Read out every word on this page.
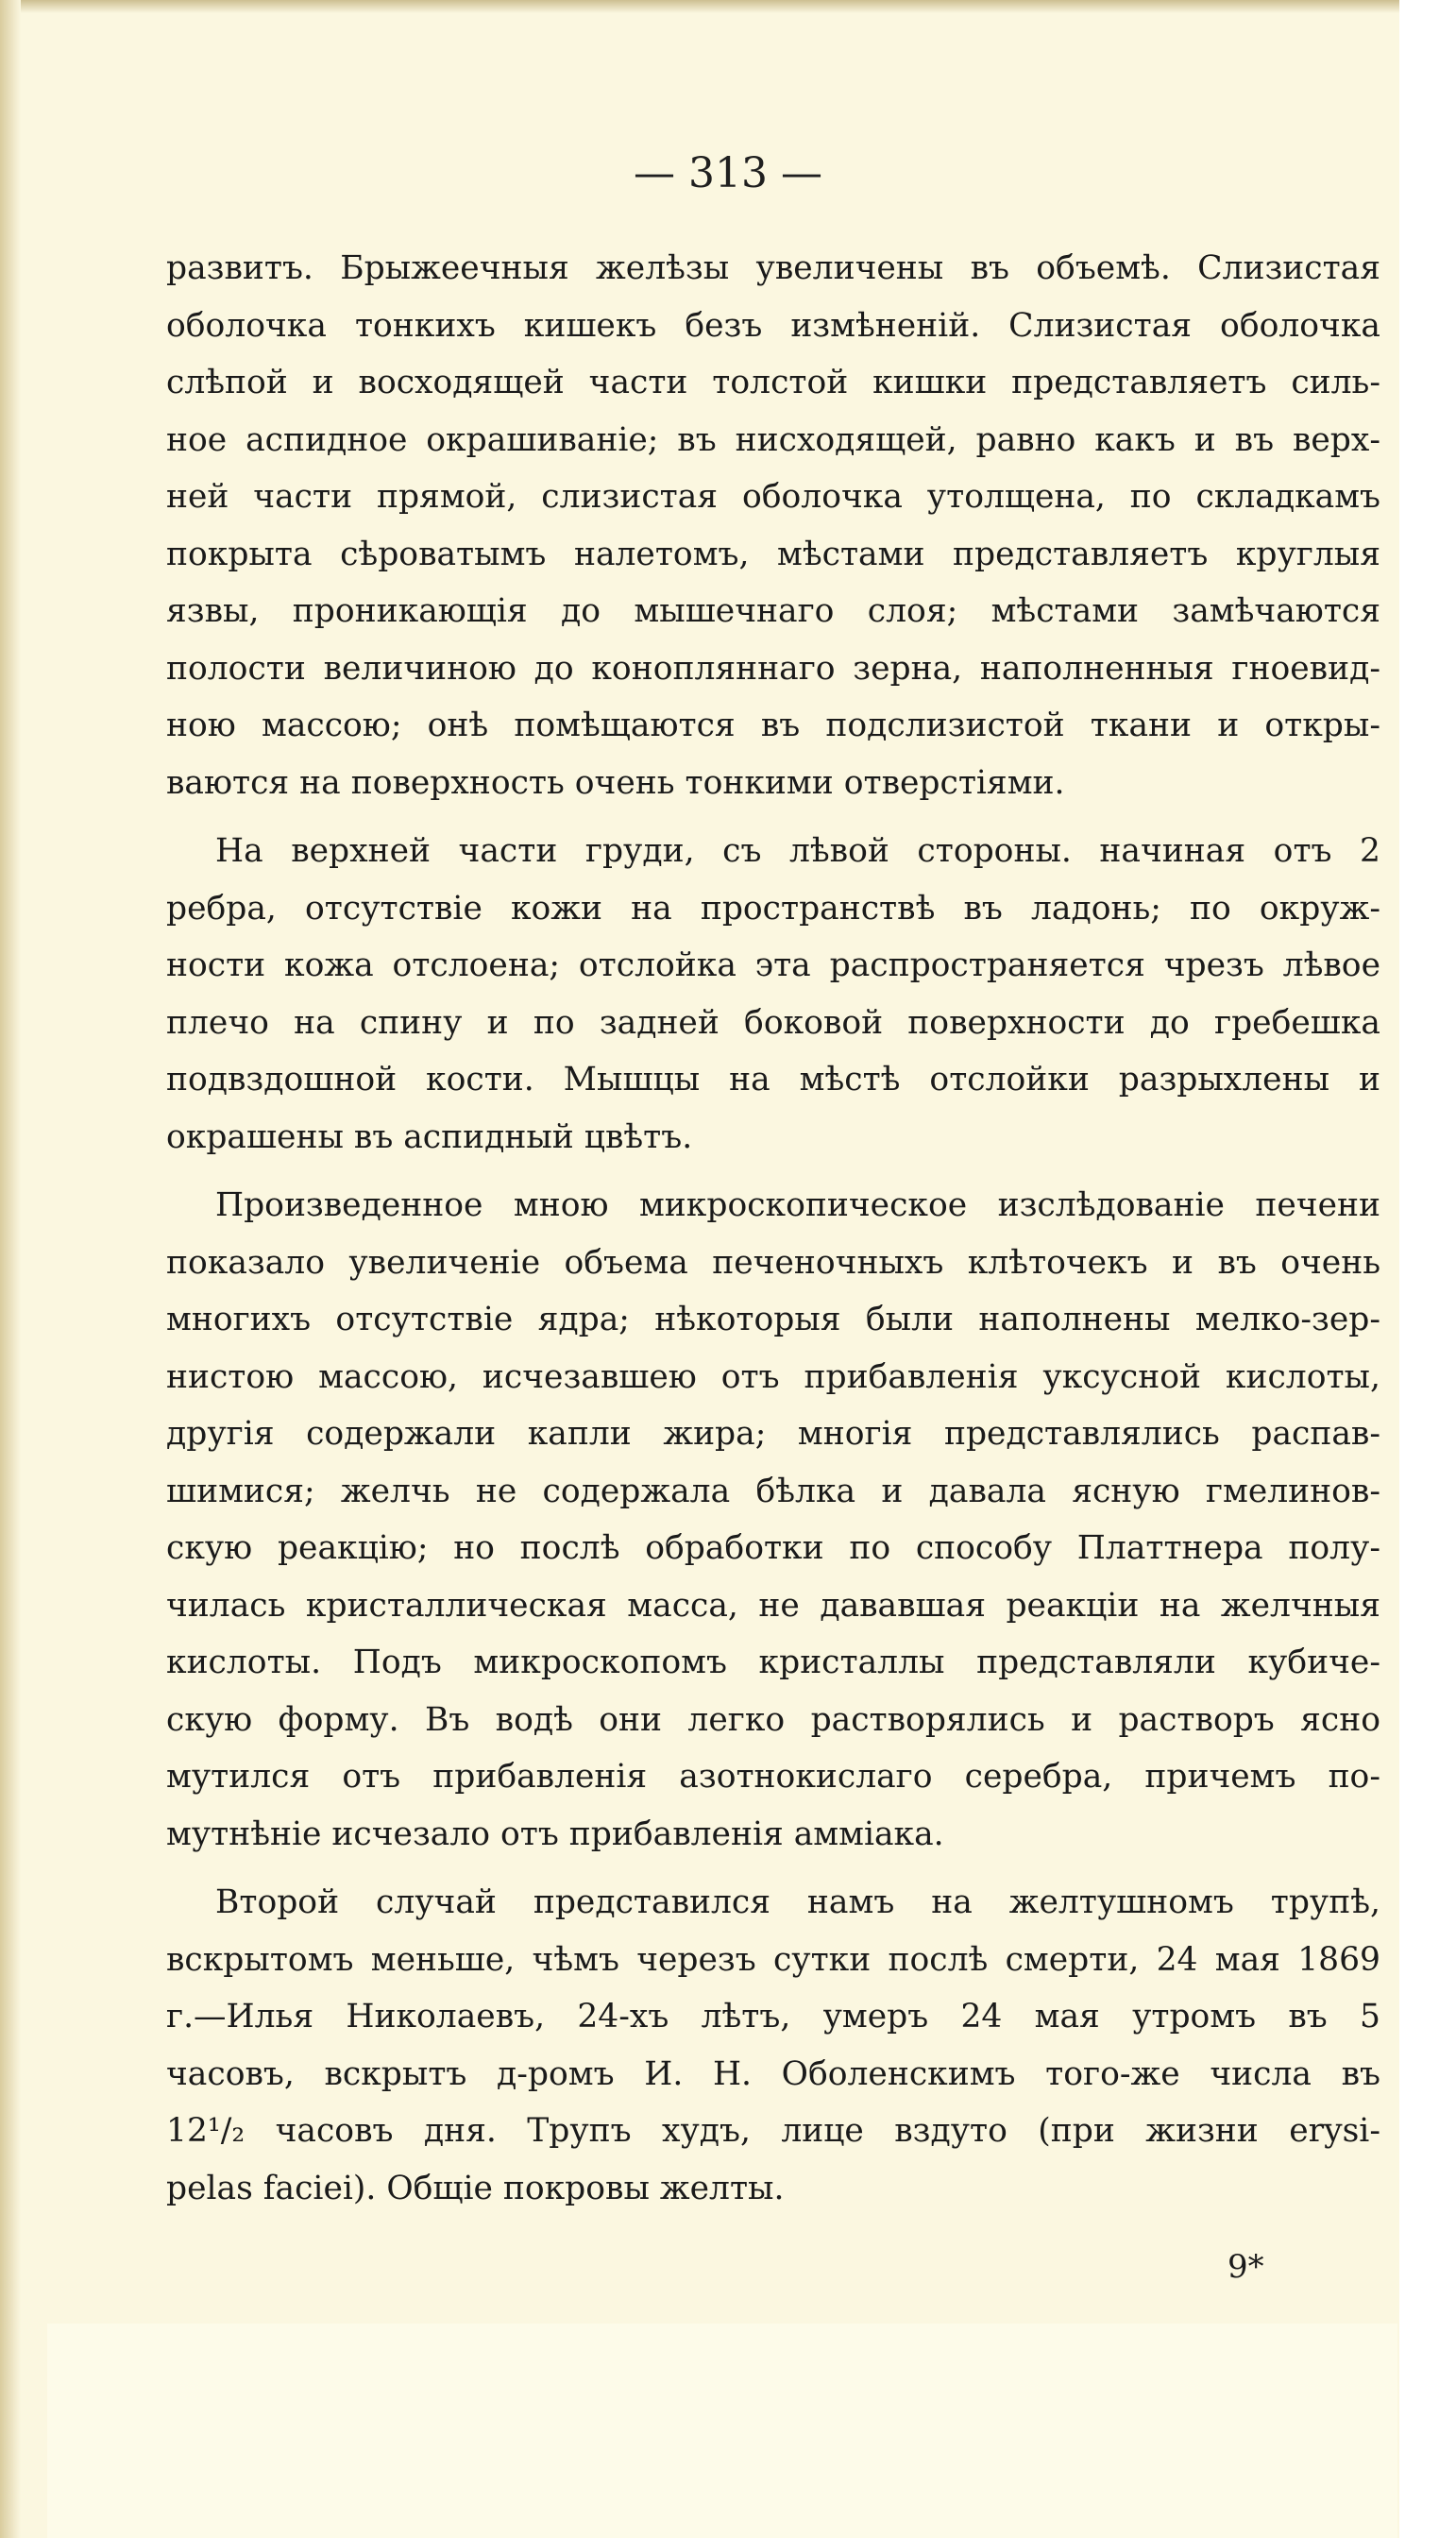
— 313 —
развитъ. Брыжеечныя желѣзы увеличены въ объемѣ. Слизистая
оболочка тонкихъ кишекъ безъ измѣненій. Слизистая оболочка
слѣпой и восходящей части толстой кишки представляетъ силь-
ное аспидное окрашиваніе; въ нисходящей, равно какъ и въ верх-
ней части прямой, слизистая оболочка утолщена, по складкамъ
покрыта сѣроватымъ налетомъ, мѣстами представляетъ круглыя
язвы, проникающія до мышечнаго слоя; мѣстами замѣчаются
полости величиною до конопляннаго зерна, наполненныя гноевид-
ною массою; онѣ помѣщаются въ подслизистой ткани и откры-
ваются на поверхность очень тонкими отверстіями.
На верхней части груди, съ лѣвой стороны. начиная отъ 2
ребра, отсутствіе кожи на пространствѣ въ ладонь; по окруж-
ности кожа отслоена; отслойка эта распространяется чрезъ лѣвое
плечо на спину и по задней боковой поверхности до гребешка
подвздошной кости. Мышцы на мѣстѣ отслойки разрыхлены и
окрашены въ аспидный цвѣтъ.
Произведенное мною микроскопическое изслѣдованіе печени
показало увеличеніе объема печеночныхъ клѣточекъ и въ очень
многихъ отсутствіе ядра; нѣкоторыя были наполнены мелко-зер-
нистою массою, исчезавшею отъ прибавленія уксусной кислоты,
другія содержали капли жира; многія представлялись распав-
шимися; желчь не содержала бѣлка и давала ясную гмелинов-
скую реакцію; но послѣ обработки по способу Платтнера полу-
чилась кристаллическая масса, не дававшая реакціи на желчныя
кислоты. Подъ микроскопомъ кристаллы представляли кубиче-
скую форму. Въ водѣ они легко растворялись и растворъ ясно
мутился отъ прибавленія азотнокислаго серебра, причемъ по-
мутнѣніе исчезало отъ прибавленія амміака.
Второй случай представился намъ на желтушномъ трупѣ,
вскрытомъ меньше, чѣмъ черезъ сутки послѣ смерти, 24 мая 1869
г.—Илья Николаевъ, 24-хъ лѣтъ, умеръ 24 мая утромъ въ 5
часовъ, вскрытъ д-ромъ И. Н. Оболенскимъ того-же числа въ
12¹/₂ часовъ дня. Трупъ худъ, лице вздуто (при жизни erysi-
pelas faciei). Общіе покровы желты.
9*
